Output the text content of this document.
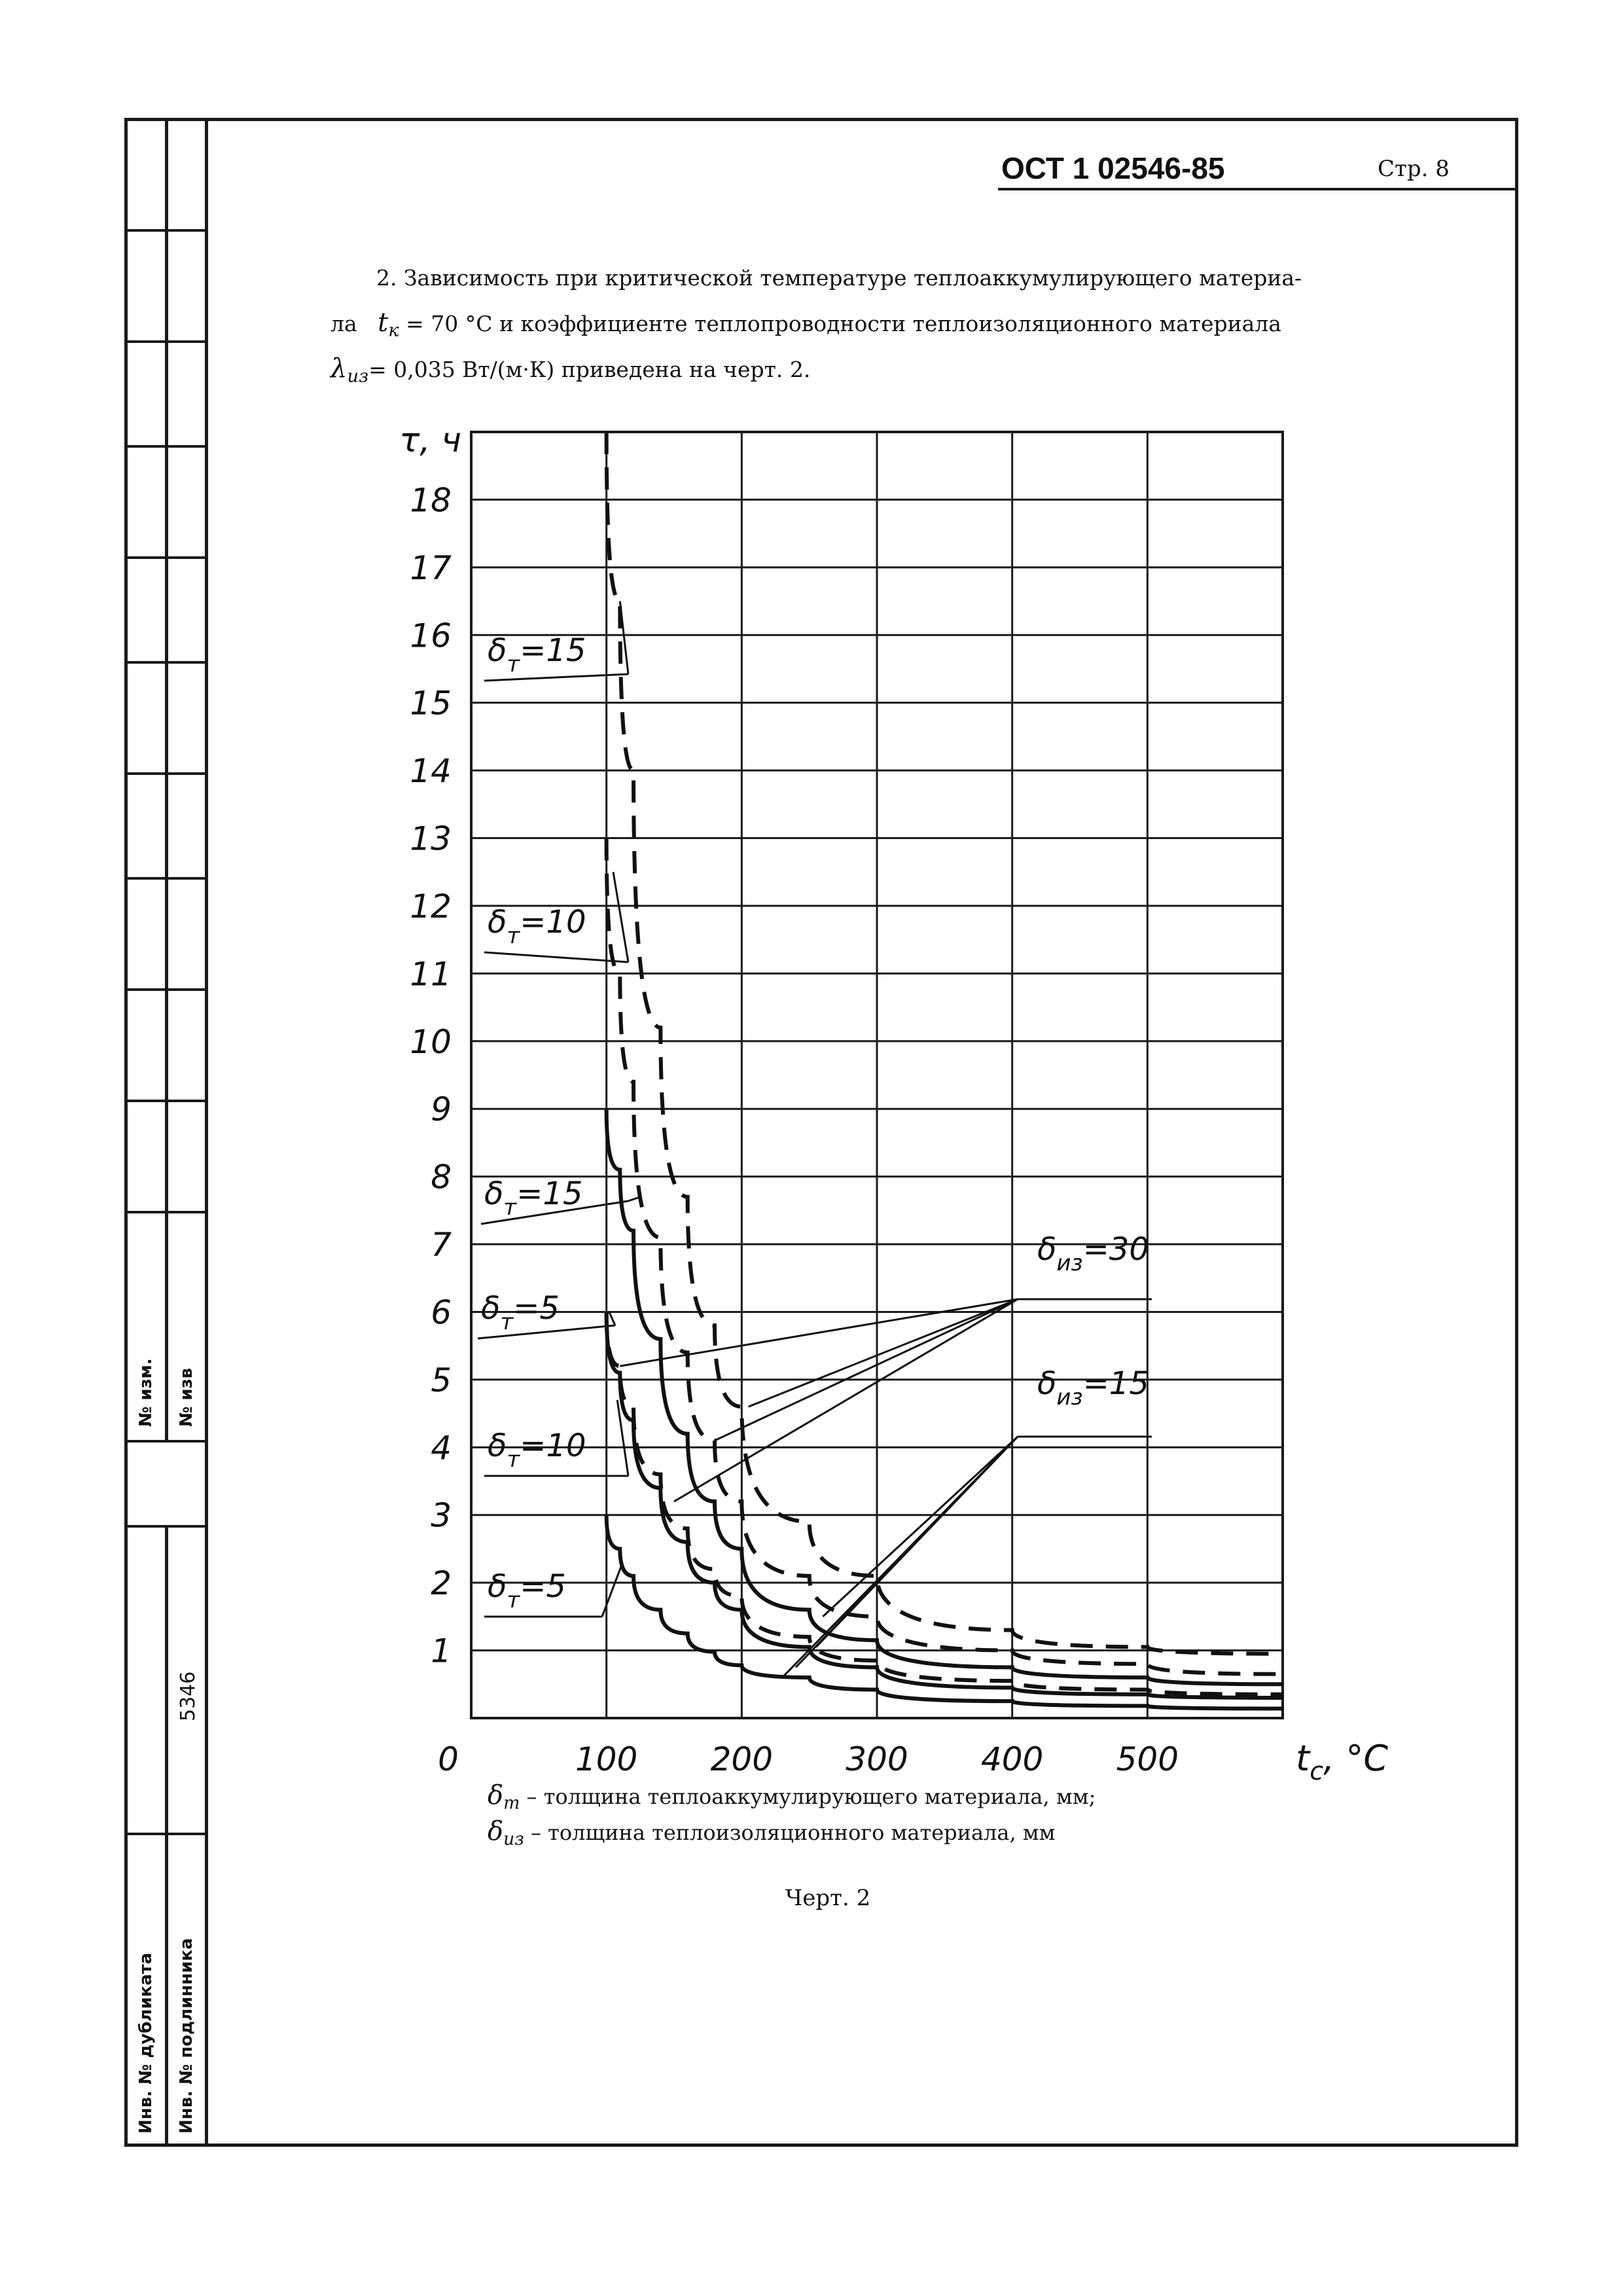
№ изм. № изв
5346
Инв. № дубликата Инв. № подлинника
ОСТ 1 02546-85	Стр. 8
2. Зависимость при критической температуре теплоаккумулирующего материа-
ла $t_к = 70$ °С и коэффициенте теплопроводности теплоизоляционного материала
$\lambda_{из}= 0,035$ Вт/(м·К) приведена на черт. 2.
1
2
3
4
5
6
7
8
9
10
11
12
13
14
15
16
17
18
0	100 200 300 400 500
τ, ч
$t_c$, °C
$\delta_т=15$
$\delta_т=10$
$\delta_т=15$
$\delta_т=5$
$\delta_т=10$
$\delta_т=5$
$\delta_{из}=30$
$\delta_{из}=15$
$\delta_т$ – толщина теплоаккумулирующего материала, мм;
$\delta_{из}$ – толщина теплоизоляционного материала, мм
Черт. 2
